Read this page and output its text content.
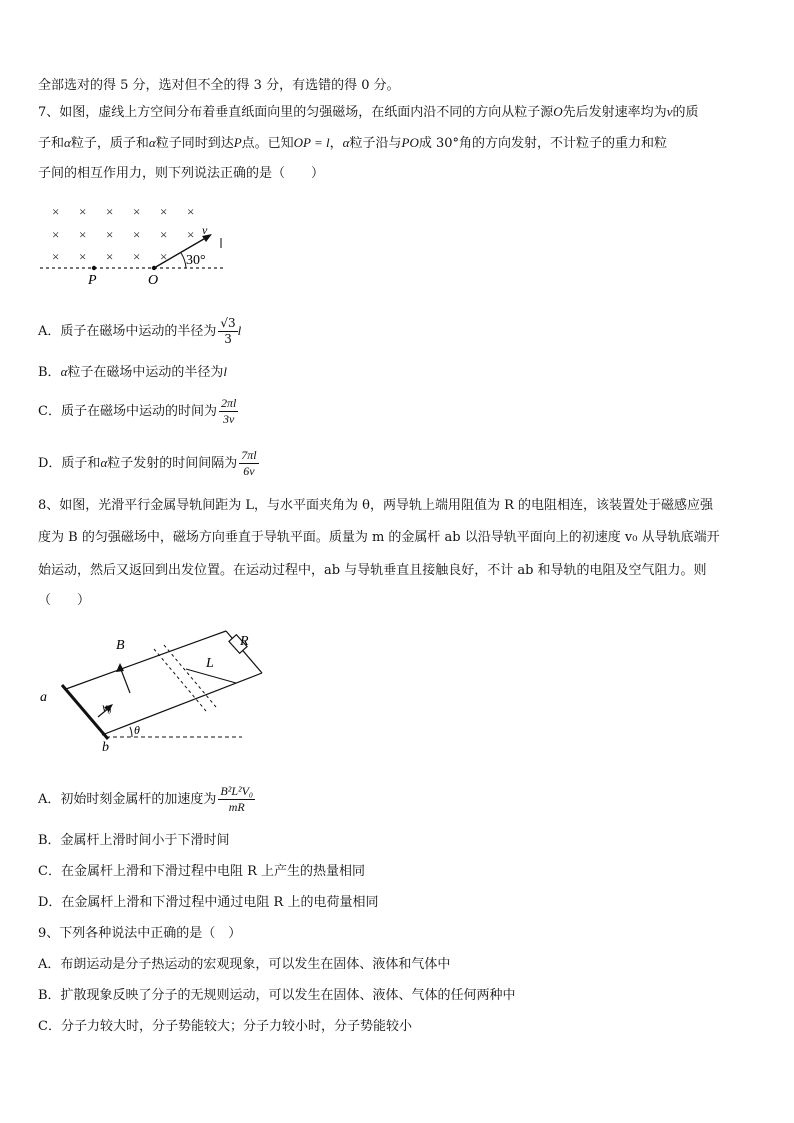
全部选对的得 5 分，选对但不全的得 3 分，有选错的得 0 分。
7、如图，虚线上方空间分布着垂直纸面向里的匀强磁场，在纸面内沿不同的方向从粒子源O先后发射速率均为v的质
子和α粒子，质子和α粒子同时到达P点。已知OP = l，α粒子沿与PO成 30°角的方向发射，不计粒子的重力和粒
子间的相互作用力，则下列说法正确的是（　　）
× × × × × ×
× × × × × ×
× × × × ×
v
30°
P	O
A．质子在磁场中运动的半径为 $\frac{√3}{3}$ l
B．α粒子在磁场中运动的半径为l
C．质子在磁场中运动的时间为 $\frac{2\pi l}{3v}$
D．质子和α粒子发射的时间间隔为 $\frac{7\pi l}{6v}$
8、如图，光滑平行金属导轨间距为 L，与水平面夹角为 θ，两导轨上端用阻值为 R 的电阻相连，该装置处于磁感应强
度为 B 的匀强磁场中，磁场方向垂直于导轨平面。质量为 m 的金属杆 ab 以沿导轨平面向上的初速度 v₀ 从导轨底端开
始运动，然后又返回到出发位置。在运动过程中，ab 与导轨垂直且接触良好，不计 ab 和导轨的电阻及空气阻力。则
（　　）
B	R
L
a
b
v₀
θ
A．初始时刻金属杆的加速度为 $\frac{\text{B²L²V₀}}{mR}$
B．金属杆上滑时间小于下滑时间
C．在金属杆上滑和下滑过程中电阻 R 上产生的热量相同
D．在金属杆上滑和下滑过程中通过电阻 R 上的电荷量相同
9、下列各种说法中正确的是（　）
A．布朗运动是分子热运动的宏观现象，可以发生在固体、液体和气体中
B．扩散现象反映了分子的无规则运动，可以发生在固体、液体、气体的任何两种中
C．分子力较大时，分子势能较大；分子力较小时，分子势能较小
